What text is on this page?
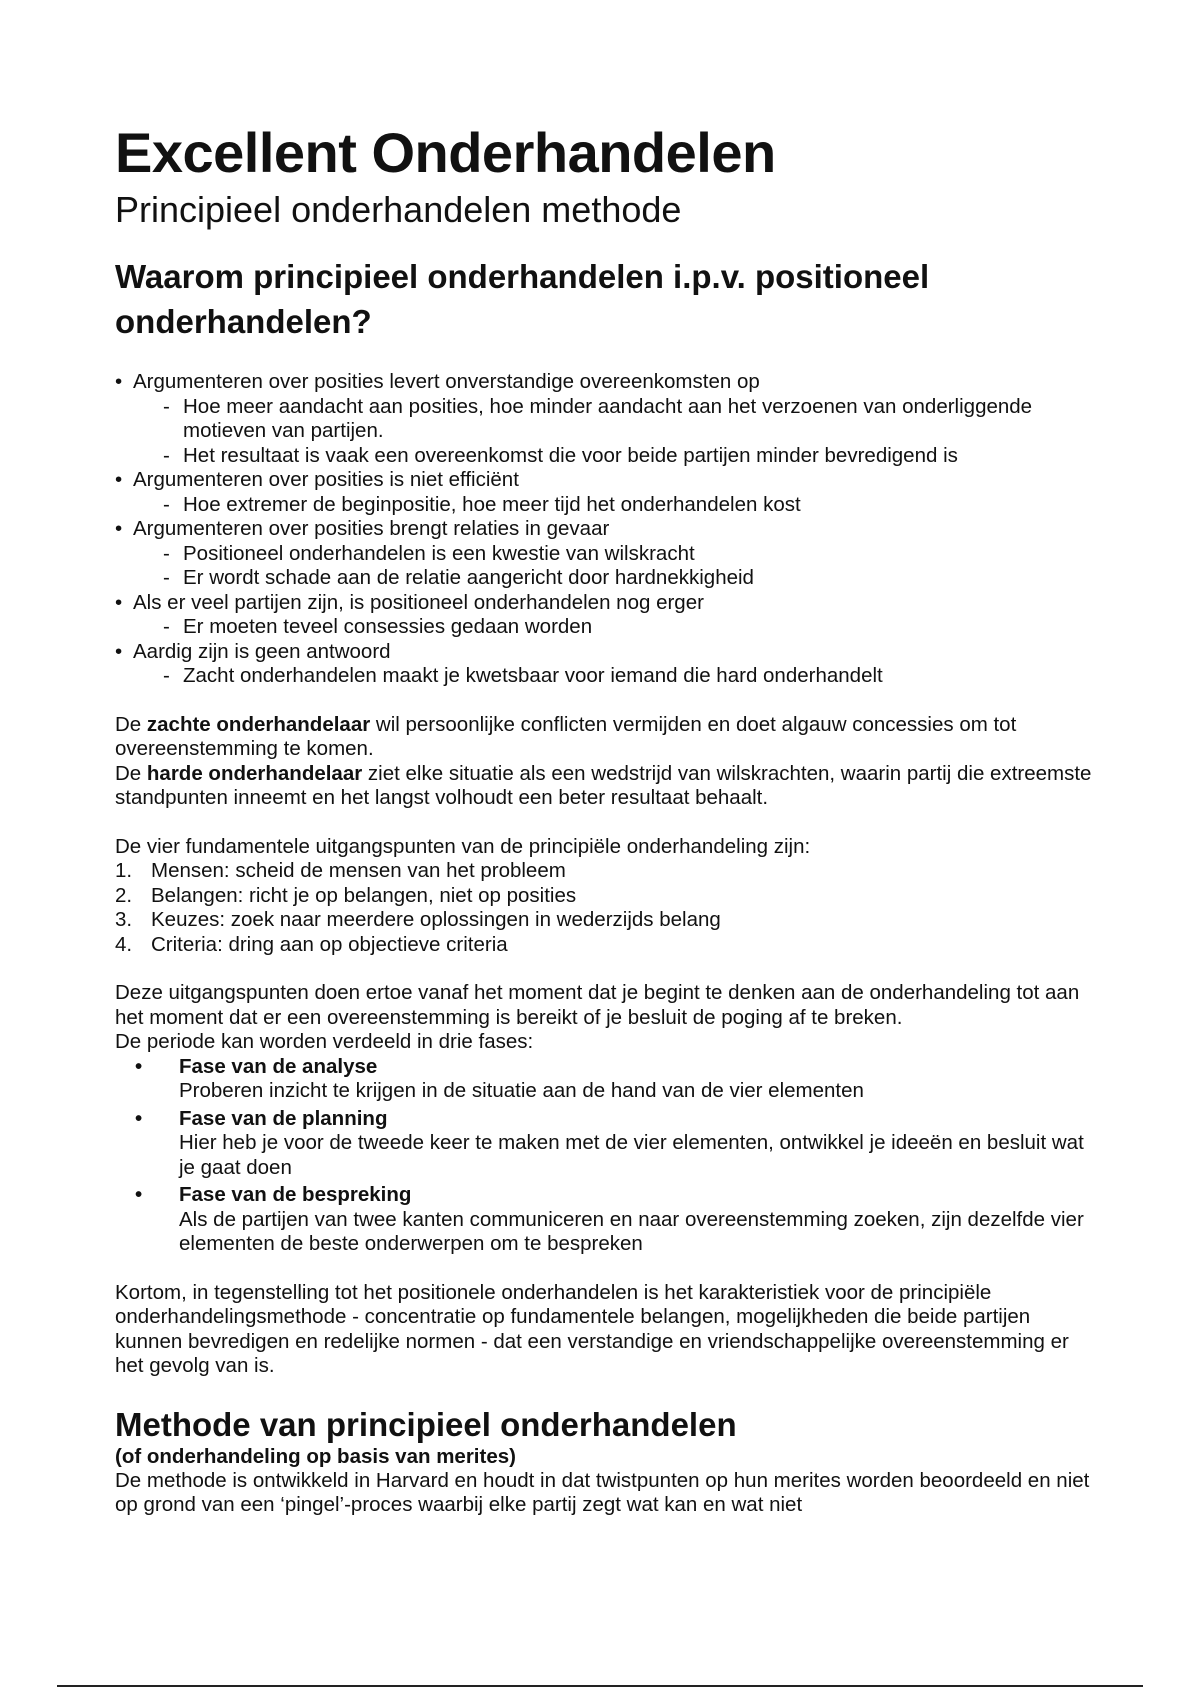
Excellent Onderhandelen
Principieel onderhandelen methode
Waarom principieel onderhandelen i.p.v. positioneel onderhandelen?
• Argumenteren over posities levert onverstandige overeenkomsten op
- Hoe meer aandacht aan posities, hoe minder aandacht aan het verzoenen van onderliggende motieven van partijen.
- Het resultaat is vaak een overeenkomst die voor beide partijen minder bevredigend is
• Argumenteren over posities is niet efficiënt
- Hoe extremer de beginpositie, hoe meer tijd het onderhandelen kost
• Argumenteren over posities brengt relaties in gevaar
- Positioneel onderhandelen is een kwestie van wilskracht
- Er wordt schade aan de relatie aangericht door hardnekkigheid
• Als er veel partijen zijn, is positioneel onderhandelen nog erger
- Er moeten teveel consessies gedaan worden
• Aardig zijn is geen antwoord
- Zacht onderhandelen maakt je kwetsbaar voor iemand die hard onderhandelt

De zachte onderhandelaar wil persoonlijke conflicten vermijden en doet algauw concessies om tot overeenstemming te komen.

De harde onderhandelaar ziet elke situatie als een wedstrijd van wilskrachten, waarin partij die extreemste standpunten inneemt en het langst volhoudt een beter resultaat behaalt.

De vier fundamentele uitgangspunten van de principiële onderhandeling zijn:

1. Mensen: scheid de mensen van het probleem
2. Belangen: richt je op belangen, niet op posities
3. Keuzes: zoek naar meerdere oplossingen in wederzijds belang
4. Criteria: dring aan op objectieve criteria

Deze uitgangspunten doen ertoe vanaf het moment dat je begint te denken aan de onderhandeling tot aan het moment dat er een overeenstemming is bereikt of je besluit de poging af te breken.

De periode kan worden verdeeld in drie fases:

• Fase van de analyse
Proberen inzicht te krijgen in de situatie aan de hand van de vier elementen
• Fase van de planning
Hier heb je voor de tweede keer te maken met de vier elementen, ontwikkel je ideeën en besluit wat je gaat doen
• Fase van de bespreking
Als de partijen van twee kanten communiceren en naar overeenstemming zoeken, zijn dezelfde vier elementen de beste onderwerpen om te bespreken

Kortom, in tegenstelling tot het positionele onderhandelen is het karakteristiek voor de principiële onderhandelingsmethode - concentratie op fundamentele belangen, mogelijkheden die beide partijen kunnen bevredigen en redelijke normen - dat een verstandige en vriendschappelijke overeenstemming er het gevolg van is.

Methode van principieel onderhandelen
(of onderhandeling op basis van merites)

De methode is ontwikkeld in Harvard en houdt in dat twistpunten op hun merites worden beoordeeld en niet op grond van een ‘pingel’-proces waarbij elke partij zegt wat kan en wat niet
